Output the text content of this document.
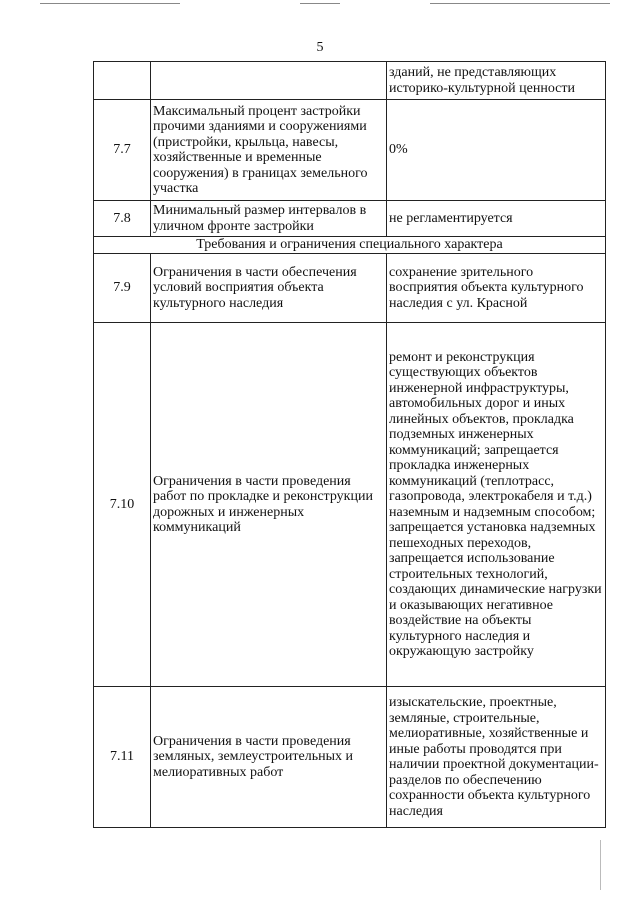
5
		зданий, не представляющих историко-культурной ценности
7.7	Максимальный процент застройки прочими зданиями и сооружениями (пристройки, крыльца, навесы, хозяйственные и временные сооружения) в границах земельного участка	0%
7.8	Минимальный размер интервалов в уличном фронте застройки	не регламентируется
Требования и ограничения специального характера		
7.9	Ограничения в части обеспечения условий восприятия объекта культурного наследия	сохранение зрительного восприятия объекта культурного наследия с ул. Красной
7.10	Ограничения в части проведения работ по прокладке и реконструкции дорожных и инженерных коммуникаций	ремонт и реконструкция существующих объектов инженерной инфраструктуры, автомобильных дорог и иных линейных объектов, прокладка подземных инженерных коммуникаций; запрещается прокладка инженерных коммуникаций (теплотрасс, газопровода, электрокабеля и т.д.) наземным и надземным способом; запрещается установка надземных пешеходных переходов, запрещается использование строительных технологий, создающих динамические нагрузки и оказывающих негативное воздействие на объекты культурного наследия и окружающую застройку
7.11	Ограничения в части проведения земляных, землеустроительных и мелиоративных работ	изыскательские, проектные, земляные, строительные, мелиоративные, хозяйственные и иные работы проводятся при наличии проектной документации- разделов по обеспечению сохранности объекта культурного наследия
